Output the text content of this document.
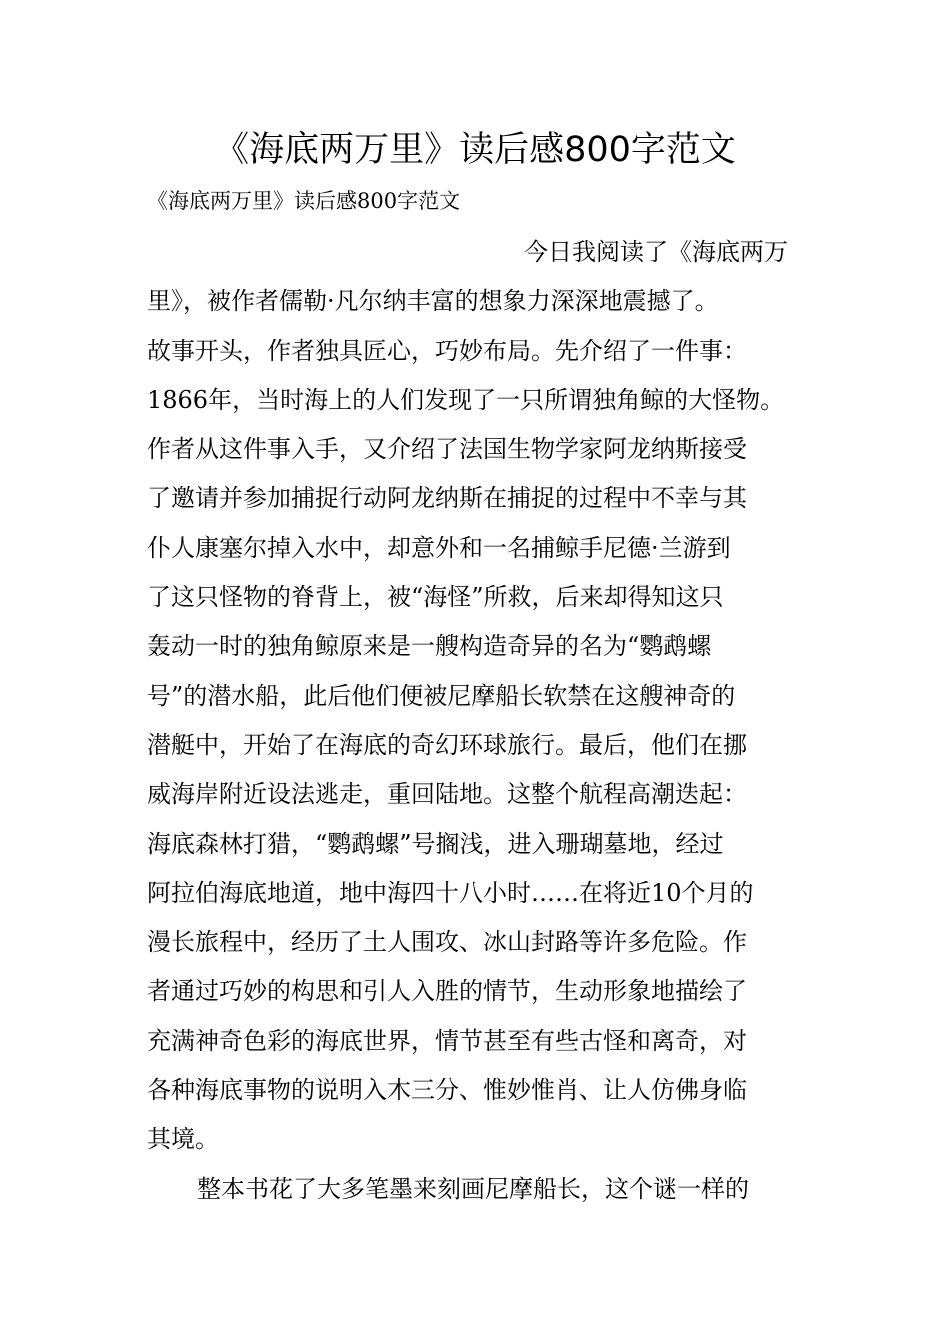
《海底两万里》读后感800字范文
《海底两万里》读后感800字范文
今日我阅读了《海底两万
里》，被作者儒勒·凡尔纳丰富的想象力深深地震撼了。
故事开头，作者独具匠心，巧妙布局。先介绍了一件事：
1866年，当时海上的人们发现了一只所谓独角鲸的大怪物。
作者从这件事入手，又介绍了法国生物学家阿龙纳斯接受
了邀请并参加捕捉行动阿龙纳斯在捕捉的过程中不幸与其
仆人康塞尔掉入水中，却意外和一名捕鲸手尼德·兰游到
了这只怪物的脊背上，被“海怪”所救，后来却得知这只
轰动一时的独角鲸原来是一艘构造奇异的名为“鹦鹉螺
号”的潜水船，此后他们便被尼摩船长软禁在这艘神奇的
潜艇中，开始了在海底的奇幻环球旅行。最后，他们在挪
威海岸附近设法逃走，重回陆地。这整个航程高潮迭起：
海底森林打猎，“鹦鹉螺”号搁浅，进入珊瑚墓地，经过
阿拉伯海底地道，地中海四十八小时……在将近10个月的
漫长旅程中，经历了土人围攻、冰山封路等许多危险。作
者通过巧妙的构思和引人入胜的情节，生动形象地描绘了
充满神奇色彩的海底世界，情节甚至有些古怪和离奇，对
各种海底事物的说明入木三分、惟妙惟肖、让人仿佛身临
其境。
整本书花了大多笔墨来刻画尼摩船长，这个谜一样的
